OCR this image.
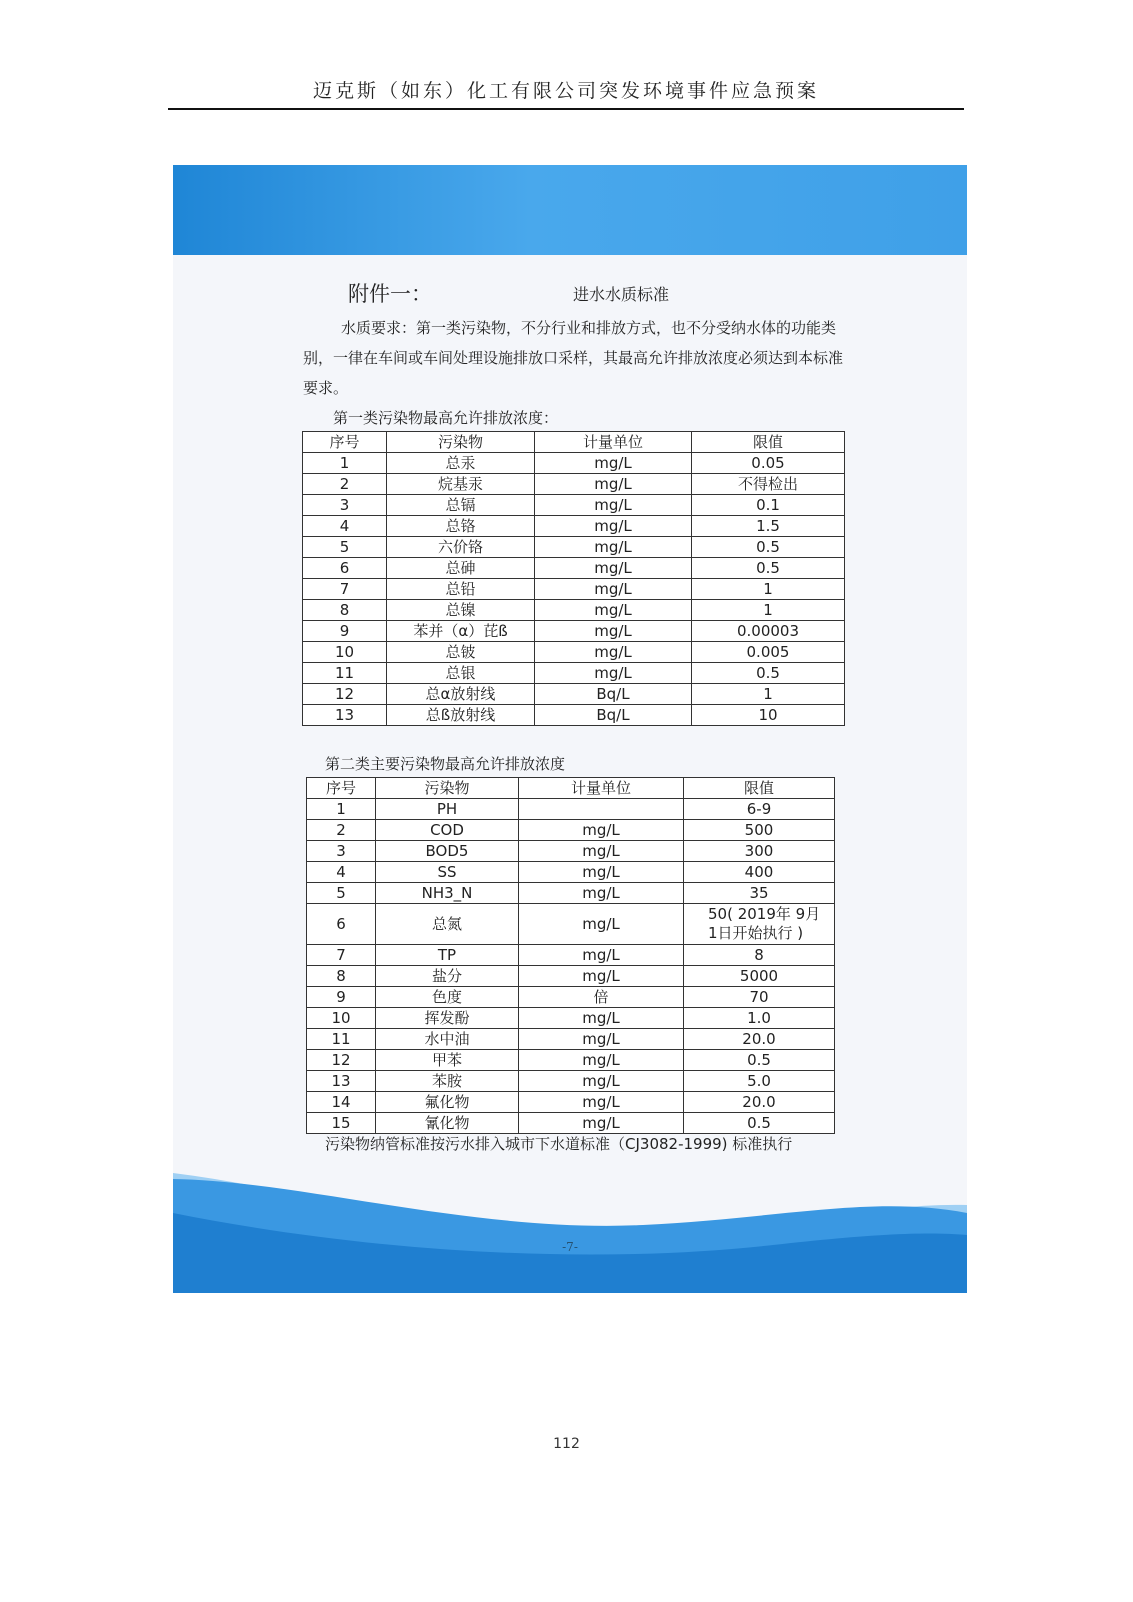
迈克斯（如东）化工有限公司突发环境事件应急预案
附件一：	进水水质标准
水质要求：第一类污染物，不分行业和排放方式，也不分受纳水体的功能类别，一律在车间或车间处理设施排放口采样，其最高允许排放浓度必须达到本标准要求。
第一类污染物最高允许排放浓度：
序号	污染物	计量单位	限值
1	总汞	mg/L	0.05
2	烷基汞	mg/L	不得检出
3	总镉	mg/L	0.1
4	总铬	mg/L	1.5
5	六价铬	mg/L	0.5
6	总砷	mg/L	0.5
7	总铅	mg/L	1
8	总镍	mg/L	1
9	苯并（α）芘ß	mg/L	0.00003
10	总铍	mg/L	0.005
11	总银	mg/L	0.5
12	总α放射线	Bq/L	1
13	总ß放射线	Bq/L	10
第二类主要污染物最高允许排放浓度
序号	污染物	计量单位	限值
1	PH		6-9
2	COD	mg/L	500
3	BOD5	mg/L	300
4	SS	mg/L	400
5	NH3_N	mg/L	35
6	总氮	mg/L	50( 2019年 9月 1日开始执行 )
7	TP	mg/L	8
8	盐分	mg/L	5000
9	色度	倍	70
10	挥发酚	mg/L	1.0
11	水中油	mg/L	20.0
12	甲苯	mg/L	0.5
13	苯胺	mg/L	5.0
14	氟化物	mg/L	20.0
15	氰化物	mg/L	0.5
污染物纳管标准按污水排入城市下水道标准（CJ3082-1999) 标准执行
-7-
112
